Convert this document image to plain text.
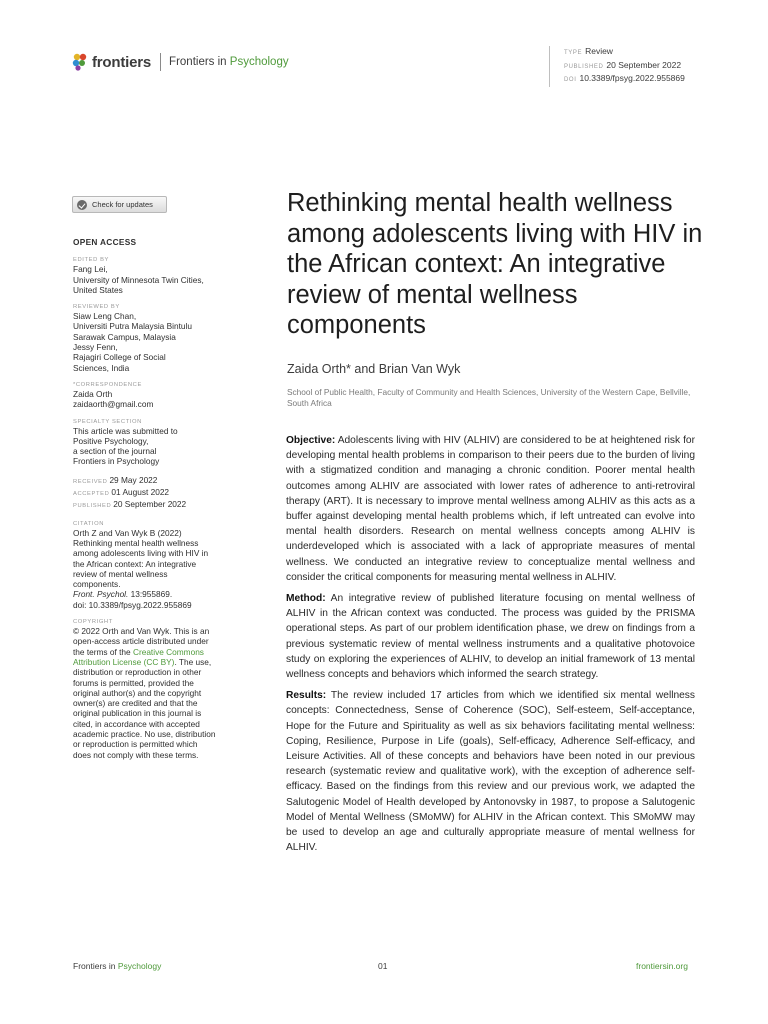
frontiers Frontiers in Psychology
TYPE Review
PUBLISHED 20 September 2022
DOI 10.3389/fpsyg.2022.955869
Check for updates
OPEN ACCESS
EDITED BY
Fang Lei,
University of Minnesota Twin Cities,
United States
REVIEWED BY
Siaw Leng Chan,
Universiti Putra Malaysia Bintulu
Sarawak Campus, Malaysia
Jessy Fenn,
Rajagiri College of Social
Sciences, India
*CORRESPONDENCE
Zaida Orth
zaidaorth@gmail.com
SPECIALTY SECTION
This article was submitted to
Positive Psychology,
a section of the journal
Frontiers in Psychology
RECEIVED 29 May 2022
ACCEPTED 01 August 2022
PUBLISHED 20 September 2022
CITATION
Orth Z and Van Wyk B (2022)
Rethinking mental health wellness
among adolescents living with HIV in
the African context: An integrative
review of mental wellness
components.
Front. Psychol. 13:955869.
doi: 10.3389/fpsyg.2022.955869
COPYRIGHT
© 2022 Orth and Van Wyk. This is an
open-access article distributed under
the terms of the Creative Commons
Attribution License (CC BY). The use,
distribution or reproduction in other
forums is permitted, provided the
original author(s) and the copyright
owner(s) are credited and that the
original publication in this journal is
cited, in accordance with accepted
academic practice. No use, distribution
or reproduction is permitted which
does not comply with these terms.
Rethinking mental health wellness among adolescents living with HIV in the African context: An integrative review of mental wellness components
Zaida Orth* and Brian Van Wyk
School of Public Health, Faculty of Community and Health Sciences, University of the Western Cape, Bellville, South Africa

Objective: Adolescents living with HIV (ALHIV) are considered to be at heightened risk for developing mental health problems in comparison to their peers due to the burden of living with a stigmatized condition and managing a chronic condition. Poorer mental health outcomes among ALHIV are associated with lower rates of adherence to anti-retroviral therapy (ART). It is necessary to improve mental wellness among ALHIV as this acts as a buffer against developing mental health problems which, if left untreated can evolve into mental health disorders. Research on mental wellness concepts among ALHIV is underdeveloped which is associated with a lack of appropriate measures of mental wellness. We conducted an integrative review to conceptualize mental wellness and consider the critical components for measuring mental wellness in ALHIV.

Method: An integrative review of published literature focusing on mental wellness of ALHIV in the African context was conducted. The process was guided by the PRISMA operational steps. As part of our problem identification phase, we drew on findings from a previous systematic review of mental wellness instruments and a qualitative photovoice study on exploring the experiences of ALHIV, to develop an initial framework of 13 mental wellness concepts and behaviors which informed the search strategy.

Results: The review included 17 articles from which we identified six mental wellness concepts: Connectedness, Sense of Coherence (SOC), Self-esteem, Self-acceptance, Hope for the Future and Spirituality as well as six behaviors facilitating mental wellness: Coping, Resilience, Purpose in Life (goals), Self-efficacy, Adherence Self-efficacy, and Leisure Activities. All of these concepts and behaviors have been noted in our previous research (systematic review and qualitative work), with the exception of adherence self-efficacy. Based on the findings from this review and our previous work, we adapted the Salutogenic Model of Health developed by Antonovsky in 1987, to propose a Salutogenic Model of Mental Wellness (SMoMW) for ALHIV in the African context. This SMoMW may be used to develop an age and culturally appropriate measure of mental wellness for ALHIV.

Frontiers in Psychology	01	frontiersin.org
